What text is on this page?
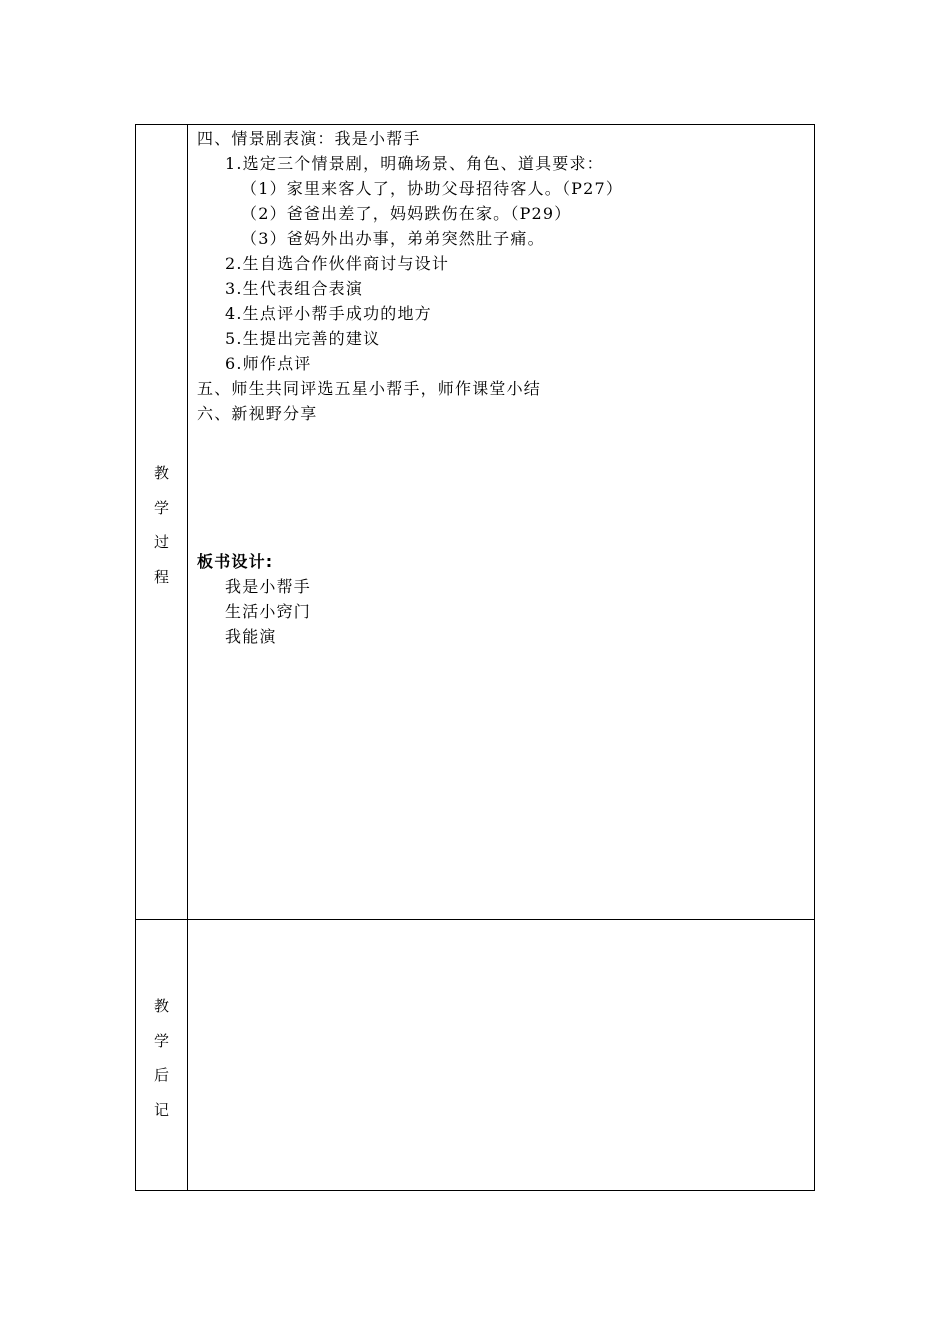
教
学
过
程
四、情景剧表演：我是小帮手
1.选定三个情景剧，明确场景、角色、道具要求：
（1）家里来客人了，协助父母招待客人。（P27）
（2）爸爸出差了，妈妈跌伤在家。（P29）
（3）爸妈外出办事，弟弟突然肚子痛。
2.生自选合作伙伴商讨与设计
3.生代表组合表演
4.生点评小帮手成功的地方
5.生提出完善的建议
6.师作点评
五、师生共同评选五星小帮手，师作课堂小结
六、新视野分享
板书设计:
我是小帮手
生活小窍门
我能演
教
学
后
记
